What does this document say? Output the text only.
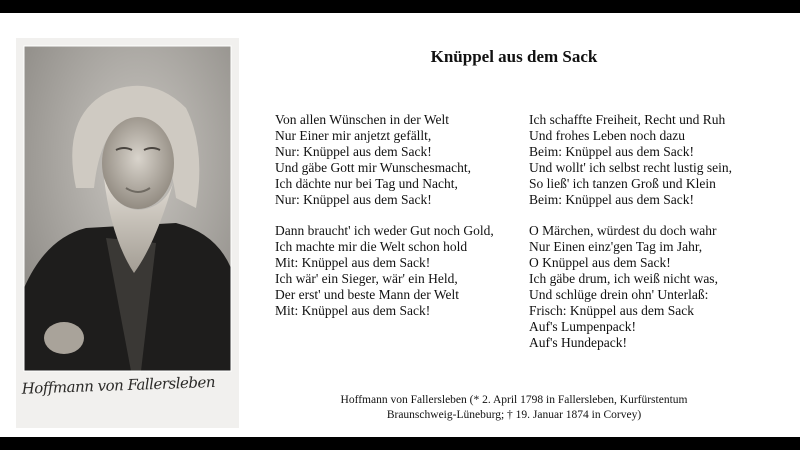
Hoffmann von Fallersleben
Knüppel aus dem Sack
Von allen Wünschen in der Welt
Nur Einer mir anjetzt gefällt,
Nur: Knüppel aus dem Sack!
Und gäbe Gott mir Wunschesmacht,
Ich dächte nur bei Tag und Nacht,
Nur: Knüppel aus dem Sack!
Dann braucht' ich weder Gut noch Gold,
Ich machte mir die Welt schon hold
Mit: Knüppel aus dem Sack!
Ich wär' ein Sieger, wär' ein Held,
Der erst' und beste Mann der Welt
Mit: Knüppel aus dem Sack!
Ich schaffte Freiheit, Recht und Ruh
Und frohes Leben noch dazu
Beim: Knüppel aus dem Sack!
Und wollt' ich selbst recht lustig sein,
So ließ' ich tanzen Groß und Klein
Beim: Knüppel aus dem Sack!
O Märchen, würdest du doch wahr
Nur Einen einz'gen Tag im Jahr,
O Knüppel aus dem Sack!
Ich gäbe drum, ich weiß nicht was,
Und schlüge drein ohn' Unterlaß:
Frisch: Knüppel aus dem Sack
Auf's Lumpenpack!
Auf's Hundepack!
Hoffmann von Fallersleben (* 2. April 1798 in Fallersleben, Kurfürstentum
Braunschweig-Lüneburg; † 19. Januar 1874 in Corvey)
